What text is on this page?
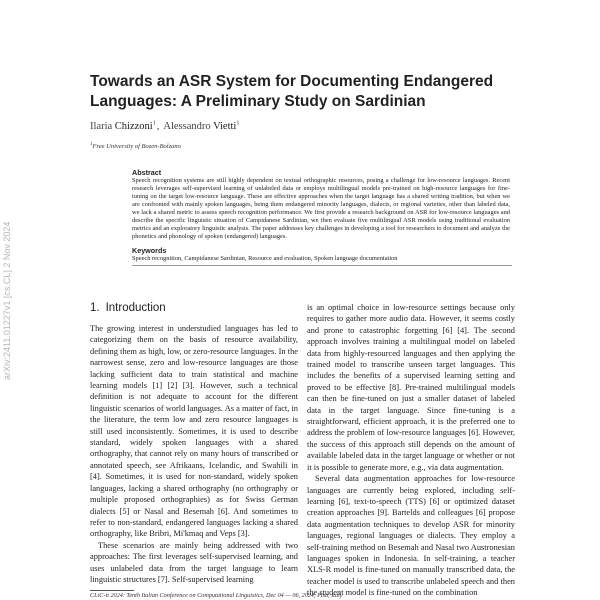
arXiv:2411.01227v1 [cs.CL] 2 Nov 2024
Towards an ASR System for Documenting Endangered Languages: A Preliminary Study on Sardinian
Ilaria Chizzoni$^1$, Alessandro Vietti$^1$
$^1$Free University of Bozen-Bolzano
Abstract
Speech recognition systems are still highly dependent on textual orthographic resources, posing a challenge for low-resource languages. Recent research leverages self-supervised learning of unlabeled data or employs multilingual models pre-trained on high-resource languages for fine-tuning on the target low-resource language. These are effective approaches when the target language has a shared writing tradition, but when we are confronted with mainly spoken languages, being them endangered minority languages, dialects, or regional varieties, other than labeled data, we lack a shared metric to assess speech recognition performance. We first provide a research background on ASR for low-resource languages and describe the specific linguistic situation of Campidanese Sardinian, we then evaluate five multilingual ASR models using traditional evaluation metrics and an exploratory linguistic analysis. The paper addresses key challenges in developing a tool for researchers to document and analyze the phonetics and phonology of spoken (endangered) languages.
Keywords
Speech recognition, Campidanese Sardinian, Resource and evaluation, Spoken language documentation
1. Introduction

The growing interest in understudied languages has led to categorizing them on the basis of resource availability, defining them as high, low, or zero-resource languages. In the narrowest sense, zero and low-resource languages are those lacking sufficient data to train statistical and machine learning models [1] [2] [3]. However, such a technical definition is not adequate to account for the different linguistic scenarios of world languages. As a matter of fact, in the literature, the term low and zero resource languages is still used inconsistently. Sometimes, it is used to describe standard, widely spoken languages with a shared orthography, that cannot rely on many hours of transcribed or annotated speech, see Afrikaans, Icelandic, and Swahili in [4]. Sometimes, it is used for non-standard, widely spoken languages, lacking a shared orthography (no orthography or multiple proposed orthographies) as for Swiss German dialects [5] or Nasal and Besemah [6]. And sometimes to refer to non-standard, endangered languages lacking a shared orthography, like Bribri, Mi'kmaq and Veps [3].

These scenarios are mainly being addressed with two approaches: The first leverages self-supervised learning, and uses unlabeled data from the target language to learn linguistic structures [7]. Self-supervised learning

is an optimal choice in low-resource settings because only requires to gather more audio data. However, it seems costly and prone to catastrophic forgetting [6] [4]. The second approach involves training a multilingual model on labeled data from highly-resourced languages and then applying the trained model to transcribe unseen target languages. This includes the benefits of a supervised learning setting and proved to be effective [8]. Pre-trained multilingual models can then be fine-tuned on just a smaller dataset of labeled data in the target language. Since fine-tuning is a straightforward, efficient approach, it is the preferred one to address the problem of low-resource languages [6]. However, the success of this approach still depends on the amount of available labeled data in the target language or whether or not it is possible to generate more, e.g., via data augmentation.

Several data augmentation approaches for low-resource languages are currently being explored, including self-learning [6], text-to-speech (TTS) [6] or optimized dataset creation approaches [9]. Bartelds and colleagues [6] propose data augmentation techniques to develop ASR for minority languages, regional languages or dialects. They employ a self-training method on Besemah and Nasal two Austronesian languages spoken in Indonesia. In self-training, a teacher XLS-R model is fine-tuned on manually transcribed data, the teacher model is used to transcribe unlabeled speech and then the student model is fine-tuned on the combination

CLiC-it 2024: Tenth Italian Conference on Computational Linguistics, Dec 04 — 06, 2024, Pisa, Italy
